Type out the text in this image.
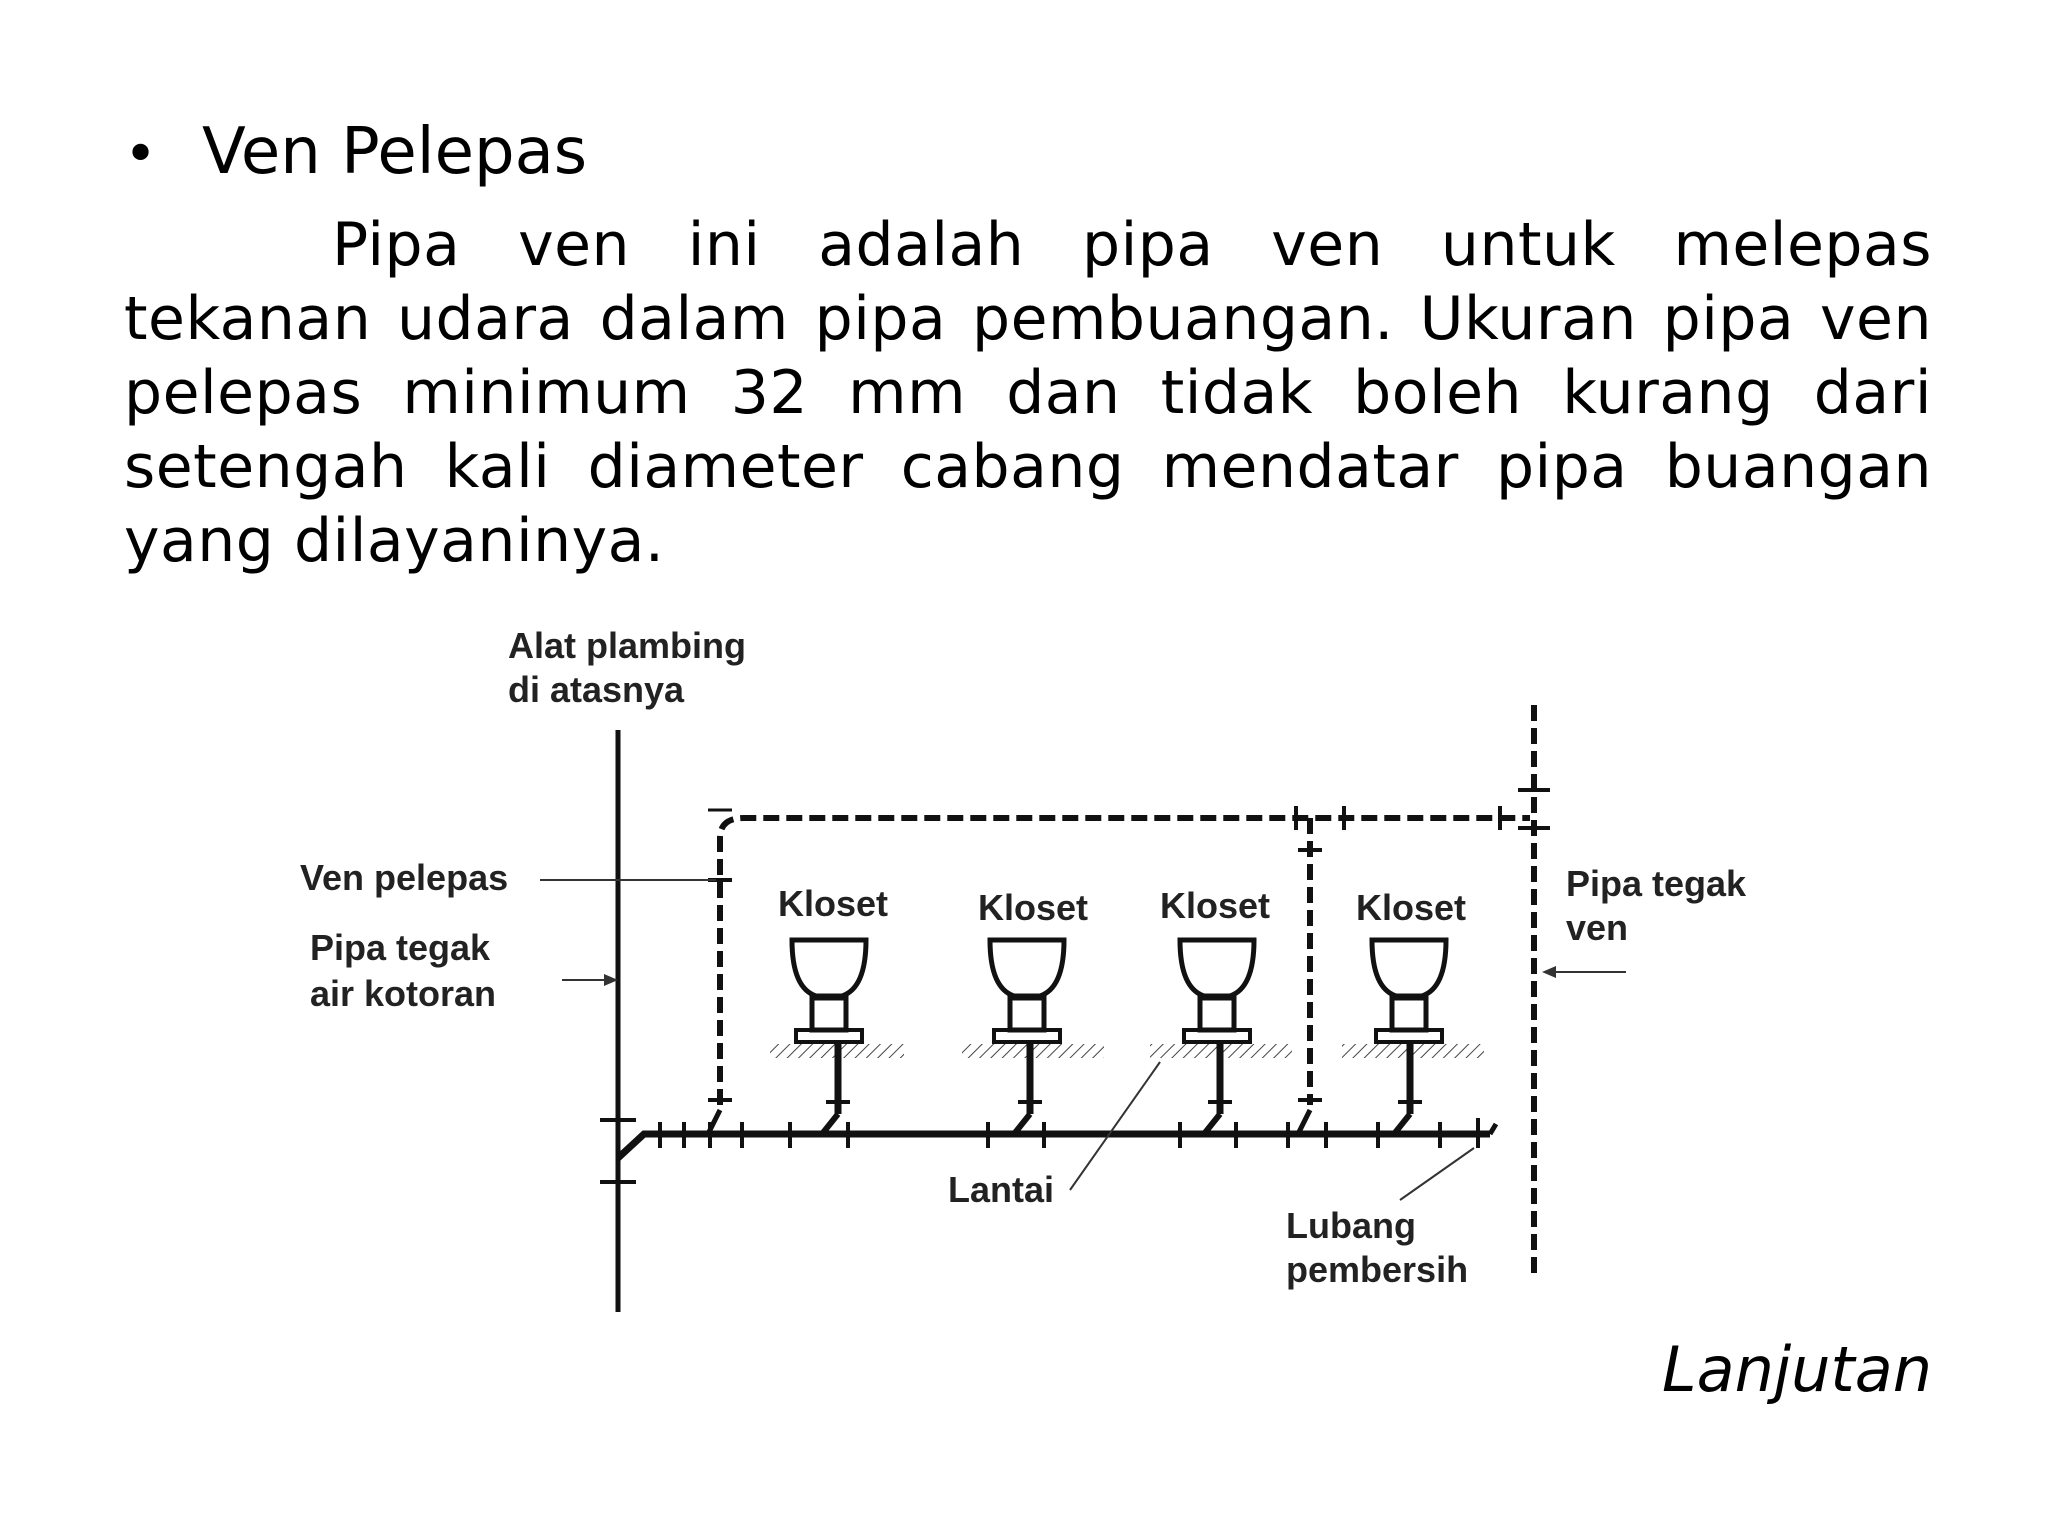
• Ven Pelepas
Pipa ven ini adalah pipa ven untuk melepas tekanan udara dalam pipa pembuangan. Ukuran pipa ven pelepas minimum 32 mm dan tidak boleh kurang dari setengah kali diameter cabang mendatar pipa buangan yang dilayaninya.
Alat plambing
di atasnya
Ven pelepas
Pipa tegak
air kotoran
Pipa tegak
ven
Kloset Kloset Kloset Kloset
Lantai
Lubang
pembersih
Lanjutan
